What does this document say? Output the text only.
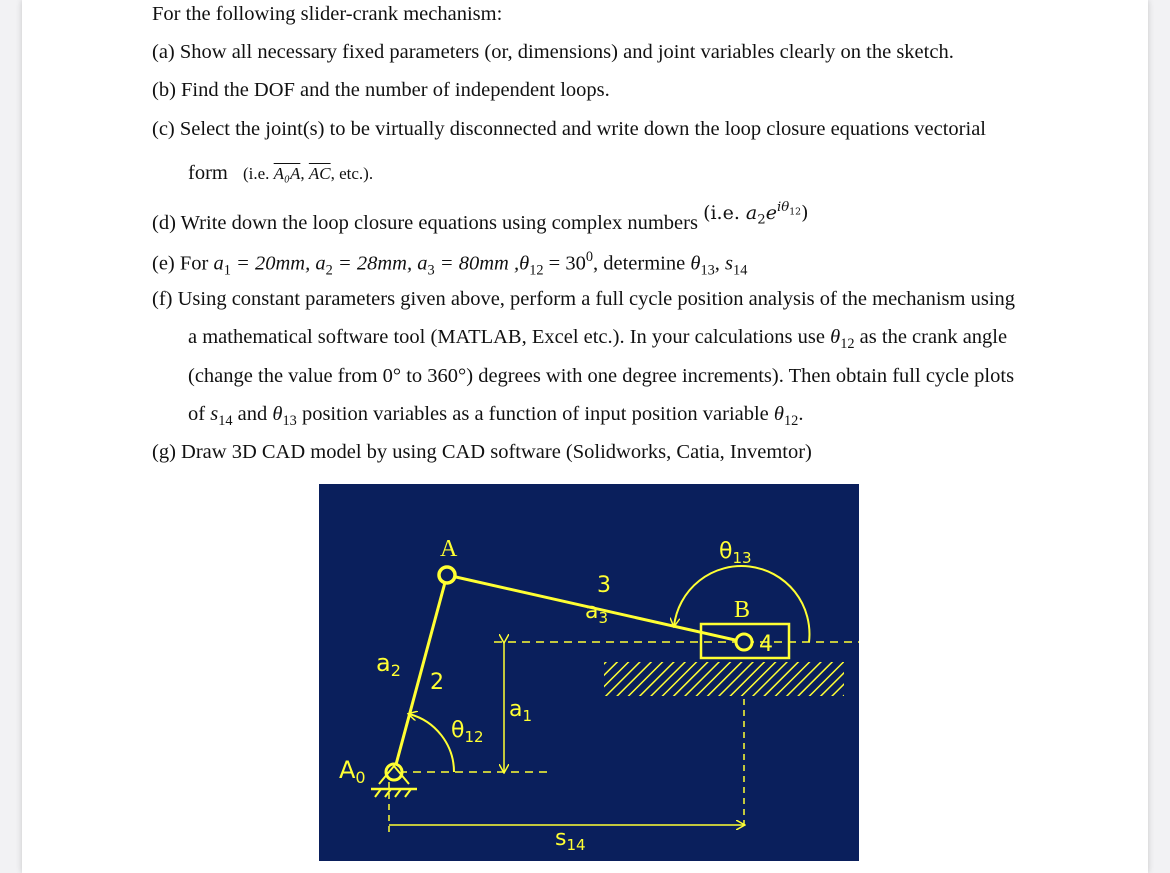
For the following slider-crank mechanism:
(a) Show all necessary fixed parameters (or, dimensions) and joint variables clearly on the sketch.
(b) Find the DOF and the number of independent loops.
(c) Select the joint(s) to be virtually disconnected and write down the loop closure equations vectorial
form (i.e. A₀A, $\overline{AC}$, etc.).
(d) Write down the loop closure equations using complex numbers (i.e. $a_2e^{i\theta_{12}}$)
(e) For $a_1 = 20mm$, $a_2 = 28mm$, $a_3 = 80mm$ $,\theta_{12} = 30^0$, determine $\theta_{13}$, $s_{14}$
(f) Using constant parameters given above, perform a full cycle position analysis of the mechanism using
a mathematical software tool (MATLAB, Excel etc.). In your calculations use $\theta_{12}$ as the crank angle
(change the value from 0° to 360°) degrees with one degree increments). Then obtain full cycle plots
of $s_{14}$ and $\theta_{13}$ position variables as a function of input position variable $\theta_{12}$.
(g) Draw 3D CAD model by using CAD software (Solidworks, Catia, Invemtor)
A
B
4
$A_0$
$a_2$ 2
3
$a_3$
$a_1$
$\theta_{12}$
$\theta_{13}$
$s_{14}$
